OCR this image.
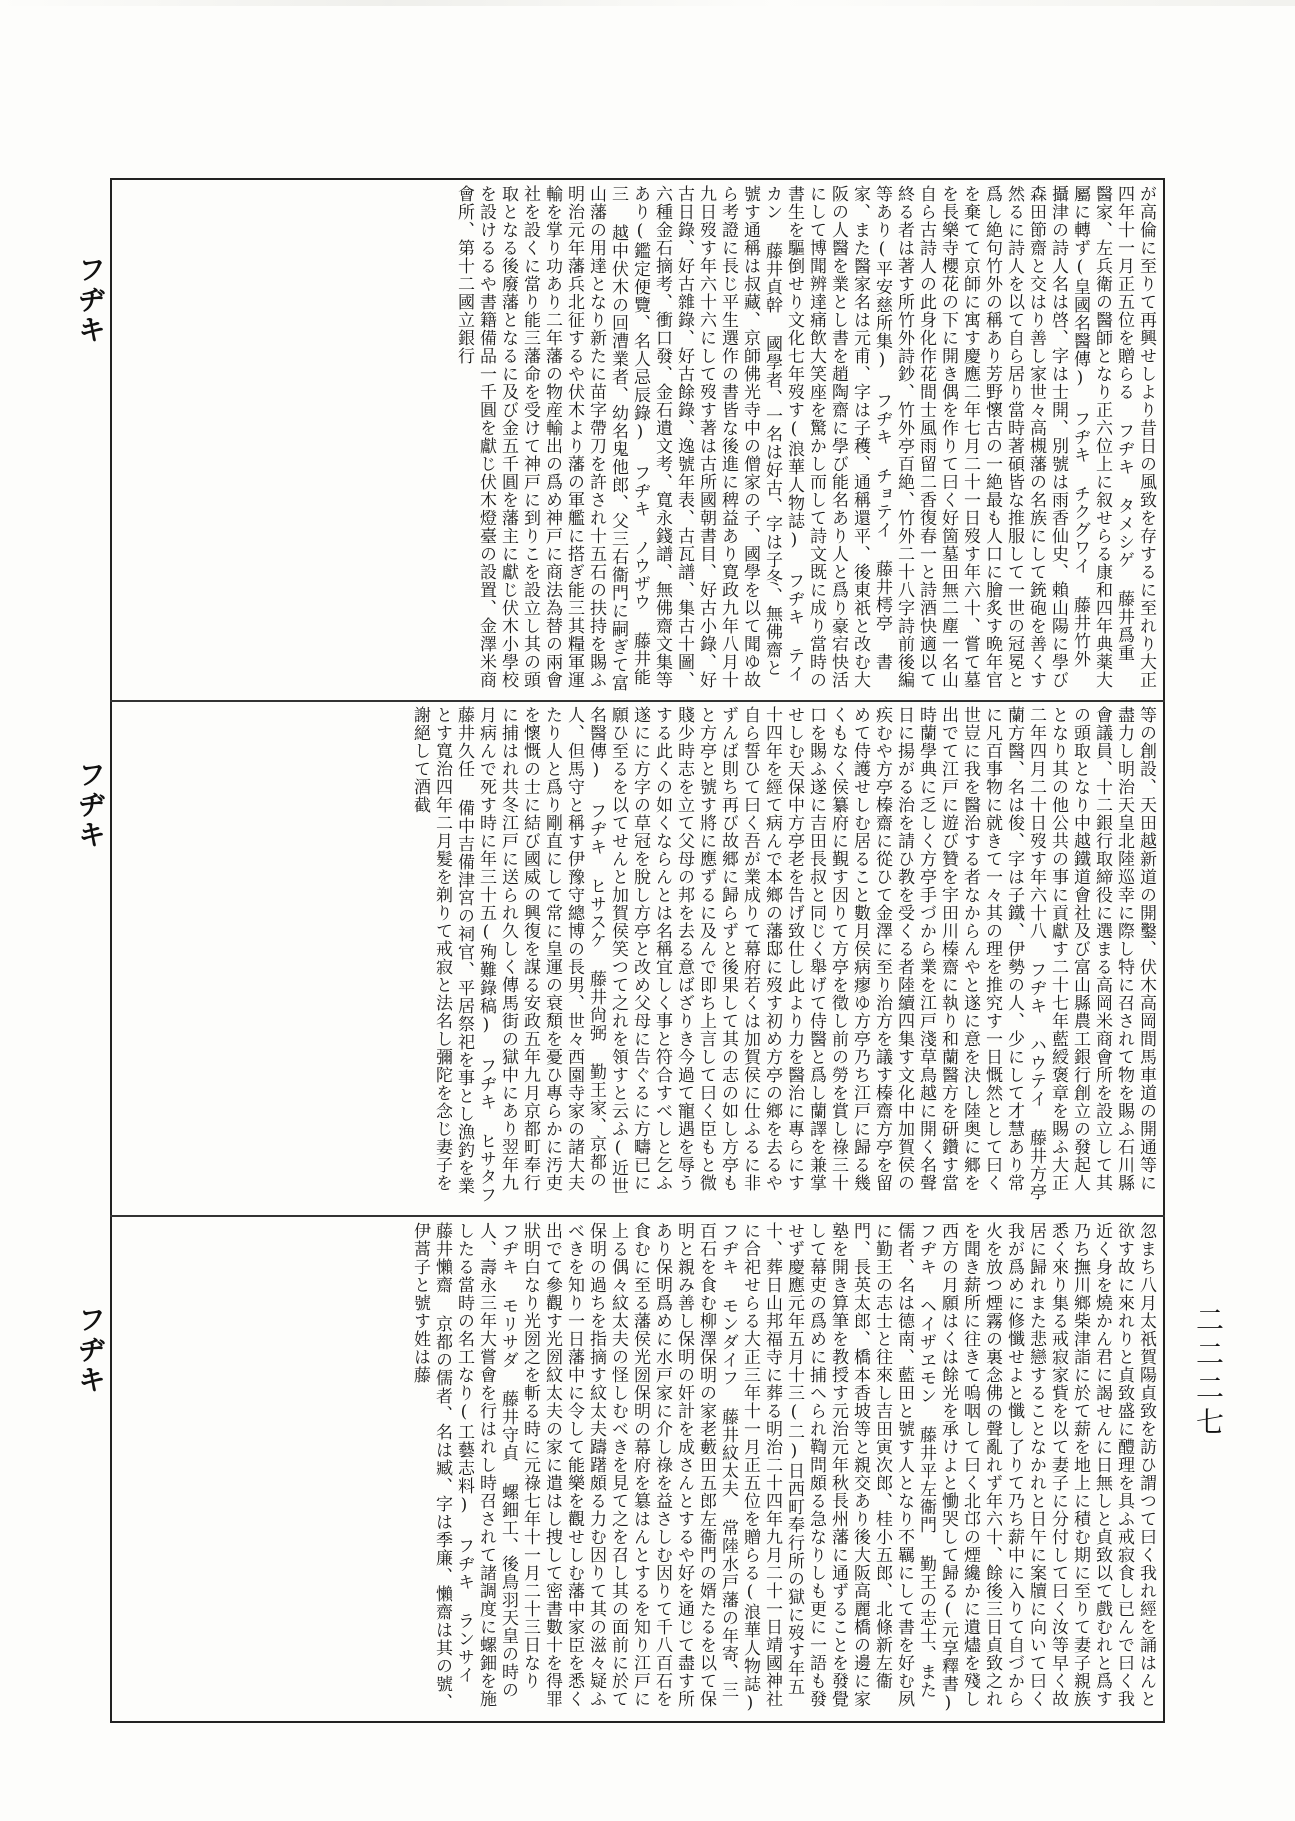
フヂキ
フヂキ
フヂキ

が高倫に至りて再興せしより昔日の風致を存するに至れり大正四年十一月正五位を贈らる フヂキ タメシゲ 藤井爲重 醫家、左兵衛の醫師となり正六位上に叙せらる康和四年典薬大屬に轉ず(皇國名醫傳) フヂキ チクグワイ 藤井竹外 攝津の詩人名は啓、字は士開、別號は雨香仙史、賴山陽に學び森田節齋と交はり善し家世々高槻藩の名族にして銃砲を善くす然るに詩人を以て自ら居り當時著碩皆な推服して一世の冠冕と爲し絶句竹外の稱あり芳野懷古の一絶最も人口に膾炙す晩年官を棄てて京師に寓す慶應二年七月二十一日歿す年六十、嘗て墓を長樂寺櫻花の下に開き偶を作りて曰く好箇墓田無二塵一名山自ら古詩人の此身化作花間士風雨留二香復春一と詩酒快適以て終る者は著す所竹外詩鈔、竹外亭百絶、竹外二十八字詩前後編等あり(平安慈所集) フヂキ チョテイ 藤井樗亭 書家、また醫家名は元甫、字は子穫、通稱還平、後東祇と改む大阪の人醫を業とし書を趙陶齋に學び能名あり人と爲り豪宕快活にして博聞辨達痛飲大笑座を驚かし而して詩文既に成り當時の書生を驅倒せり文化七年歿す(浪華人物誌) フヂキ テイカン 藤井貞幹 國學者、一名は好古、字は子冬、無佛齋と號す通稱は叔藏、京師佛光寺中の僧家の子、國學を以て聞ゆ故ら考證に長じ平生選作の書皆な後進に稗益あり寛政九年八月十九日歿す年六十六にして歿す著は古所國朝書目、好古小錄、好古日錄、好古雜錄、好古餘錄、逸號年表、古瓦譜、集古十圖、六種金石摘考、衝口發、金石遺文考、寬永錢譜、無佛齋文集等あり(鑑定便覽、名人忌辰錄) フヂキ ノウザウ 藤井能三 越中伏木の回漕業者、幼名鬼他郎、父三右衞門に嗣ぎて富山藩の用達となり新たに苗字帶刀を許され十五石の扶持を賜ふ明治元年藩兵北征するや伏木より藩の軍艦に搭ぎ能三其糧軍運輸を掌り功あり二年藩の物産輸出の爲め神戸に商法為替の兩會社を設くに當り能三藩命を受けて神戸に到りこを設立し其の頭取となる後廢藩となるに及び金五千圓を藩主に獻じ伏木小學校を設けるるや書籍備品一千圓を獻じ伏木燈臺の設置、金澤米商會所、第十二國立銀行

等の創設、天田越新道の開鑿、伏木高岡間馬車道の開通等に盡力し明治天皇北陸巡幸に際し特に召されて物を賜ふ石川縣會議員、十二銀行取締役に選まる高岡米商會所を設立して其の頭取となり中越鐵道會社及び富山縣農工銀行創立の發起人となり其の他公共の事に貢獻す二十七年藍綬褒章を賜ふ大正二年四月二十日歿す年六十八 フヂキ ハウテイ 藤井方亭 蘭方醫、名は俊、字は子鐵、伊勢の人、少にして才慧あり常に凡百事物に就きて一々其の理を推究す一日慨然として曰く世豈に我を醫治する者なからんやと遂に意を決し陸奥に郷を出でて江戸に遊び贊を宇田川榛齋に執り和蘭醫方を研鑽す當時蘭學典に乏しく方亭手づから業を江戸淺草鳥越に開く名聲日に揚がる治を請ひ教を受くる者陸續四集す文化中加賀侯の疾むや方亭榛齋に從ひて金澤に至り治方を議す榛齋方亭を留めて侍護せしむ居ること數月侯病瘳ゆ方亭乃ち江戸に歸る幾くもなく侯纂府に覲す因りて方亭を徵し前の勞を賞し祿三十口を賜ふ遂に吉田長叔と同じく舉げて侍醫と爲し蘭譯を兼掌せしむ天保中方亭老を告げ致仕し此より力を醫治に專らにす十四年を經て病んで本鄉の藩邸に歿す初め方亭の鄉を去るや自ら誓ひて曰く吾が業成りて幕府若くは加賀侯に仕ふるに非ずんば則ち再び故郷に歸らずと後果して其の志の如し方亭もと方亭と號す將に應ずるに及んで即ち上言して曰く臣もと微賤少時志を立て父母の邦を去る意ばざりき今過て寵遇を辱うする此くの如くならんとは名稱宜しく事と符合すべしと乞ふ遂にに方字の草冠を脫し方亭と改め父母に告ぐるに方疇已に願ひ至るを以てせんと加賀侯笑つて之れを領すと云ふ(近世名醫傳) フヂキ ヒサスケ 藤井尙弼 勤王家、京都の人、但馬守と稱す伊豫守總博の長男、世々西園寺家の諸大夫たり人と爲り剛直にして常に皇運の衰頽を憂ひ專らかに汚吏を懷慨の士に結び國威の興復を謀る安政五年九月京都町奉行に捕はれ共冬江戸に送られ久しく傳馬街の獄中にあり翌年九月病んで死す時に年三十五(殉難錄稿) フヂキ ヒサタフ 藤井久任 備中吉備津宮の祠官、平居祭祀を事とし漁釣を業とす寬治四年二月髮を剃りて戒寂と法名し彌陀を念じ妻子を謝絕して酒截

忽まち八月太祇賀陽貞致を訪ひ謂つて曰く我れ經を誦はんと欲す故に來れりと貞致盛に醴理を具ふ戒寂食し已んで曰く我近く身を燒かん君に謁せんに日無しと貞致以て戲むれと爲す乃ち撫川鄉柴津詣に於て薪を地上に積む期に至りて妻子親族悉く來り集る戒寂家貲を以て妻子に分付して曰く汝等早く故居に歸れまた悲戀することなかれと日午に案牘に向いて曰く我が爲めに修懺せよと懺し了りて乃ち薪中に入りて自づから火を放つ煙霧の裏念佛の聲亂れず年六十、餘後三日貞致之れを聞き薪所に往きて嗚咽して曰く北邙の煙纔かに遺燼を殘し西方の月願はくは餘光を承けよと慟哭して歸る(元享釋書) フヂキ ヘイザヱモン 藤井平左衞門 勤王の志士、また儒者、名は德南、藍田と號す人となり不羈にして書を好む夙に勤王の志士と往來し吉田寅次郎、桂小五郎、北條新左衞門、長英太郎、橋本香坡等と親交あり後大阪高麗橋の邊に家塾を開き算筆を教授す元治元年秋長州藩に通ずることを發覺して幕吏の爲めに捕へられ鞫問頗る急なりしも更に一語も發せず慶應元年五月十三(二)日西町奉行所の獄に歿す年五十、葬日山邦福寺に葬る明治二十四年九月二十一日靖國神社に合祀せらる大正三年十一月正五位を贈らる(浪華人物誌) フヂキ モンダイフ 藤井紋太夫 常陸水戸藩の年寄、三百石を食む柳澤保明の家老藪田五郎左衞門の婿たるを以て保明と親み善し保明の奸計を成さんとするや好を通じて盡す所あり保明爲めに水戸家に介し祿を益さしむ因りて千八百石を食むに至る藩侯光圀保明の幕府を簒はんとするを知り江戸に上る偶々紋太夫の怪しむべきを見て之を召し其の面前に於て保明の過ちを指摘す紋太夫躊躇頗る力む因りて其の滋々疑ふべきを知り一日藩中に令して能樂を觀せしむ藩中家臣を悉く出でて參觀す光圀紋太夫の家に遣はし捜して密書數十を得罪狀明白なり光圀之を斬る時に元祿七年十一月二十三日なり フヂキ モリサダ 藤井守貞 螺鈿工、後鳥羽天皇の時の人、壽永三年大嘗會を行はれし時召されて諸調度に螺鈿を施したる當時の名工なり(工藝志料) フヂキ ランサイ 藤井懶齋 京都の儒者、名は臧、字は季廉、懶齋は其の號、伊蒿子と號す姓は藤	二二二七
